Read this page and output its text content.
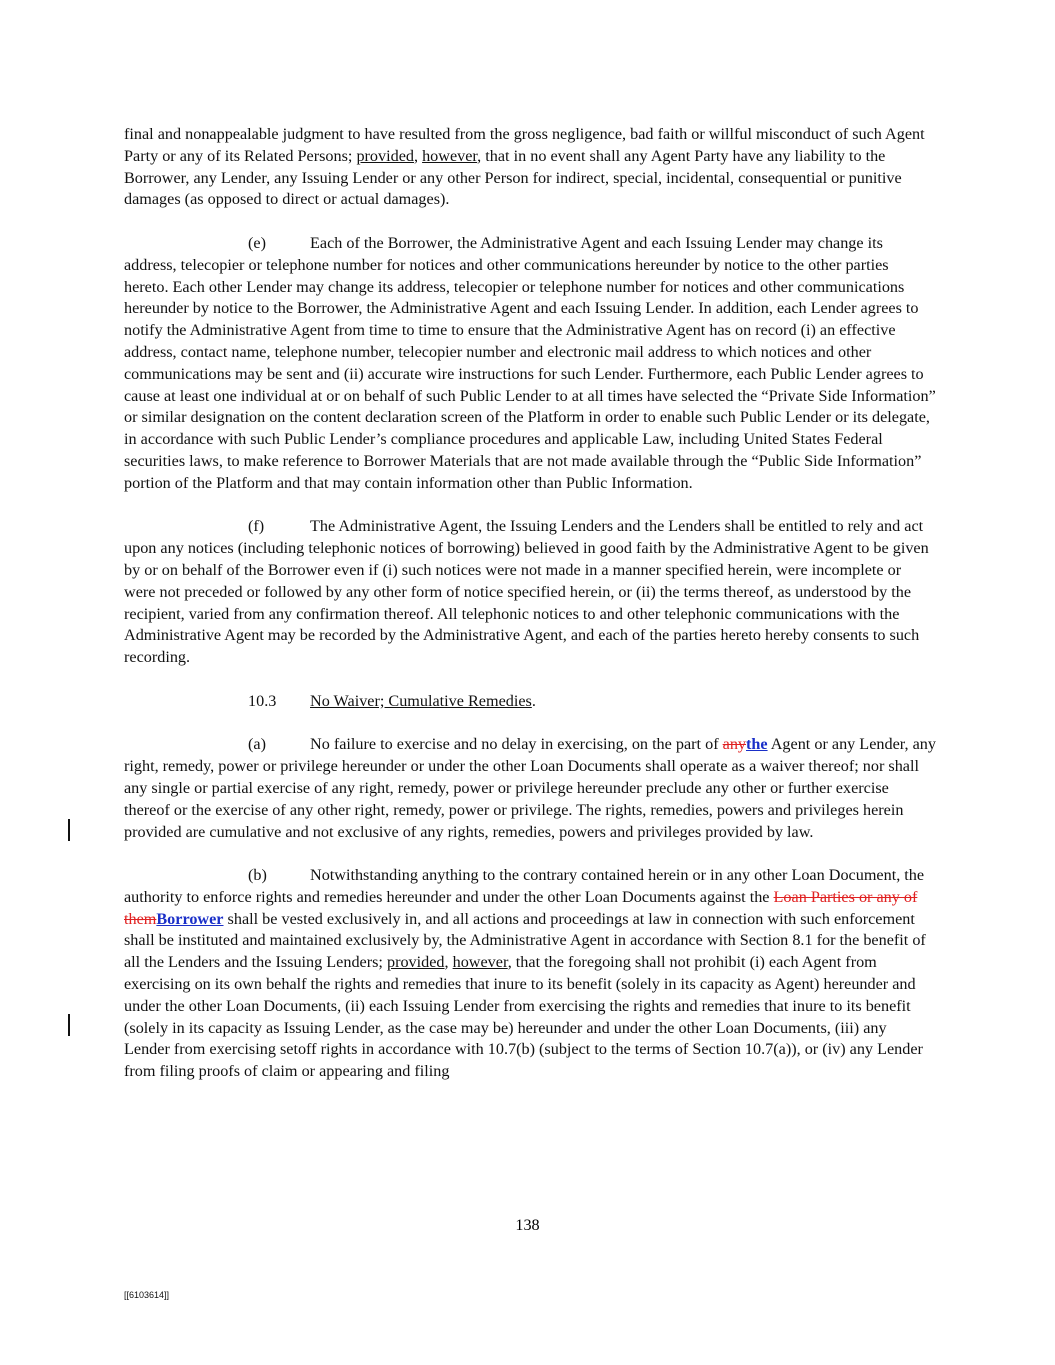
final and nonappealable judgment to have resulted from the gross negligence, bad faith or willful misconduct of such Agent Party or any of its Related Persons; provided, however, that in no event shall any Agent Party have any liability to the Borrower, any Lender, any Issuing Lender or any other Person for indirect, special, incidental, consequential or punitive damages (as opposed to direct or actual damages).

(e)	Each of the Borrower, the Administrative Agent and each Issuing Lender may change its address, telecopier or telephone number for notices and other communications hereunder by notice to the other parties hereto. Each other Lender may change its address, telecopier or telephone number for notices and other communications hereunder by notice to the Borrower, the Administrative Agent and each Issuing Lender. In addition, each Lender agrees to notify the Administrative Agent from time to time to ensure that the Administrative Agent has on record (i) an effective address, contact name, telephone number, telecopier number and electronic mail address to which notices and other communications may be sent and (ii) accurate wire instructions for such Lender. Furthermore, each Public Lender agrees to cause at least one individual at or on behalf of such Public Lender to at all times have selected the “Private Side Information” or similar designation on the content declaration screen of the Platform in order to enable such Public Lender or its delegate, in accordance with such Public Lender’s compliance procedures and applicable Law, including United States Federal securities laws, to make reference to Borrower Materials that are not made available through the “Public Side Information” portion of the Platform and that may contain information other than Public Information.

(f)	The Administrative Agent, the Issuing Lenders and the Lenders shall be entitled to rely and act upon any notices (including telephonic notices of borrowing) believed in good faith by the Administrative Agent to be given by or on behalf of the Borrower even if (i) such notices were not made in a manner specified herein, were incomplete or were not preceded or followed by any other form of notice specified herein, or (ii) the terms thereof, as understood by the recipient, varied from any confirmation thereof. All telephonic notices to and other telephonic communications with the Administrative Agent may be recorded by the Administrative Agent, and each of the parties hereto hereby consents to such recording.

10.3 No Waiver; Cumulative Remedies.

(a)	No failure to exercise and no delay in exercising, on the part of anythe Agent or any Lender, any right, remedy, power or privilege hereunder or under the other Loan Documents shall operate as a waiver thereof; nor shall any single or partial exercise of any right, remedy, power or privilege hereunder preclude any other or further exercise thereof or the exercise of any other right, remedy, power or privilege. The rights, remedies, powers and privileges herein provided are cumulative and not exclusive of any rights, remedies, powers and privileges provided by law.

(b)	Notwithstanding anything to the contrary contained herein or in any other Loan Document, the authority to enforce rights and remedies hereunder and under the other Loan Documents against the Loan Parties or any of themBorrower shall be vested exclusively in, and all actions and proceedings at law in connection with such enforcement shall be instituted and maintained exclusively by, the Administrative Agent in accordance with Section 8.1 for the benefit of all the Lenders and the Issuing Lenders; provided, however, that the foregoing shall not prohibit (i) each Agent from exercising on its own behalf the rights and remedies that inure to its benefit (solely in its capacity as Agent) hereunder and under the other Loan Documents, (ii) each Issuing Lender from exercising the rights and remedies that inure to its benefit (solely in its capacity as Issuing Lender, as the case may be) hereunder and under the other Loan Documents, (iii) any Lender from exercising setoff rights in accordance with 10.7(b) (subject to the terms of Section 10.7(a)), or (iv) any Lender from filing proofs of claim or appearing and filing

138
[[6103614]]
